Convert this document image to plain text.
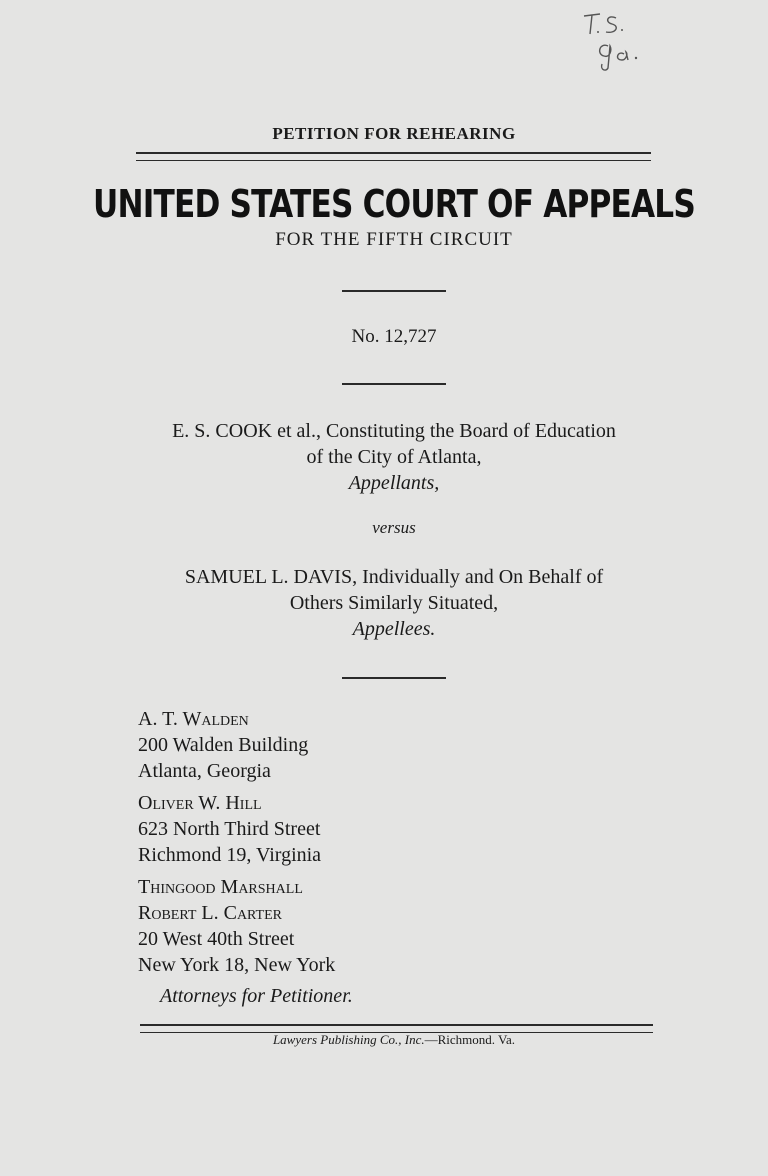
PETITION FOR REHEARING
UNITED STATES COURT OF APPEALS
FOR THE FIFTH CIRCUIT
No. 12,727
E. S. COOK et al., Constituting the Board of Education
of the City of Atlanta,
Appellants,
versus
SAMUEL L. DAVIS, Individually and On Behalf of
Others Similarly Situated,
Appellees.
A. T. Walden
200 Walden Building
Atlanta, Georgia
Oliver W. Hill
623 North Third Street
Richmond 19, Virginia
Thingood Marshall
Robert L. Carter
20 West 40th Street
New York 18, New York
Attorneys for Petitioner.
Lawyers Publishing Co., Inc.—Richmond. Va.
